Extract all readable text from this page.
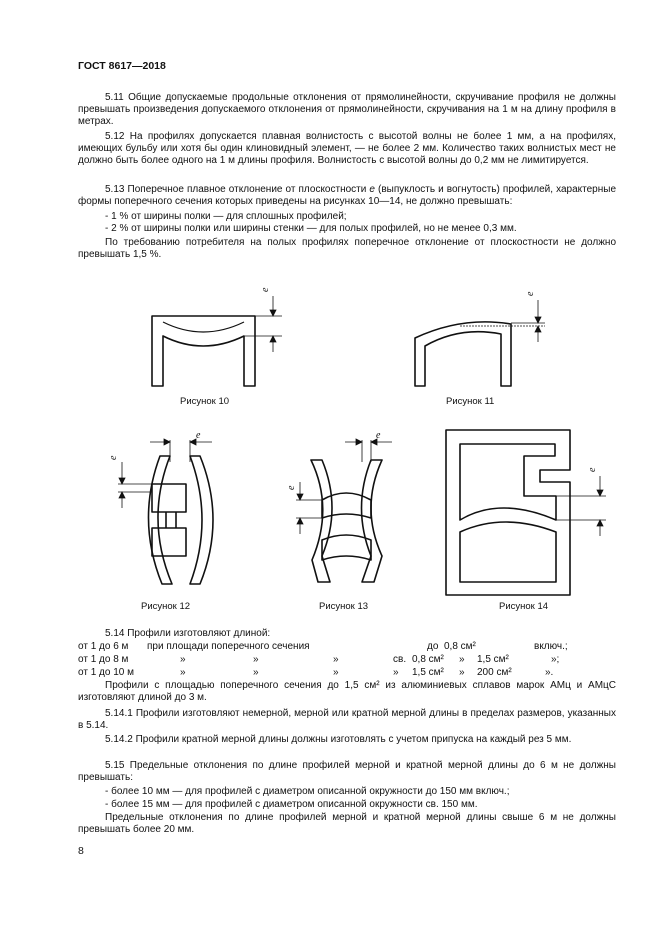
ГОСТ 8617—2018

5.11 Общие допускаемые продольные отклонения от прямолинейности, скручивание профиля не должны превышать произведения допускаемого отклонения от прямолинейности, скручивания на 1 м на длину профиля в метрах.

5.12 На профилях допускается плавная волнистость с высотой волны не более 1 мм, а на профилях, имеющих бульбу или хотя бы один клиновидный элемент, — не более 2 мм. Количество таких волнистых мест не должно быть более одного на 1 м длины профиля. Волнистость с высотой волны до 0,2 мм не лимитируется.

5.13 Поперечное плавное отклонение от плоскостности е (выпуклость и вогнутость) профилей, характерные формы поперечного сечения которых приведены на рисунках 10—14, не должно превышать:

- 1 % от ширины полки — для сплошных профилей;

- 2 % от ширины полки или ширины стенки — для полых профилей, но не менее 0,3 мм.

По требованию потребителя на полых профилях поперечное отклонение от плоскостности не должно превышать 1,5 %.

е
е
е
е
е
е
е
Рисунок 10	Рисунок 11
Рисунок 12	Рисунок 13	Рисунок 14

5.14 Профили изготовляют длиной:

от 1 до 6 м при площади поперечного сечения	до 0,8 см²	включ.;
от 1 до 8 м	»	»	»	св. 0,8 см² » 1,5 см²	»;
от 1 до 10 м	»	»	»	» 1,5 см² » 200 см²	».

Профили с площадью поперечного сечения до 1,5 см² из алюминиевых сплавов марок АМц и АМцС изготовляют длиной до 3 м.

5.14.1 Профили изготовляют немерной, мерной или кратной мерной длины в пределах размеров, указанных в 5.14.

5.14.2 Профили кратной мерной длины должны изготовлять с учетом припуска на каждый рез 5 мм.

5.15 Предельные отклонения по длине профилей мерной и кратной мерной длины до 6 м не должны превышать:

- более 10 мм — для профилей с диаметром описанной окружности до 150 мм включ.;

- более 15 мм — для профилей с диаметром описанной окружности св. 150 мм.

Предельные отклонения по длине профилей мерной и кратной мерной длины свыше 6 м не должны превышать более 20 мм.

8
